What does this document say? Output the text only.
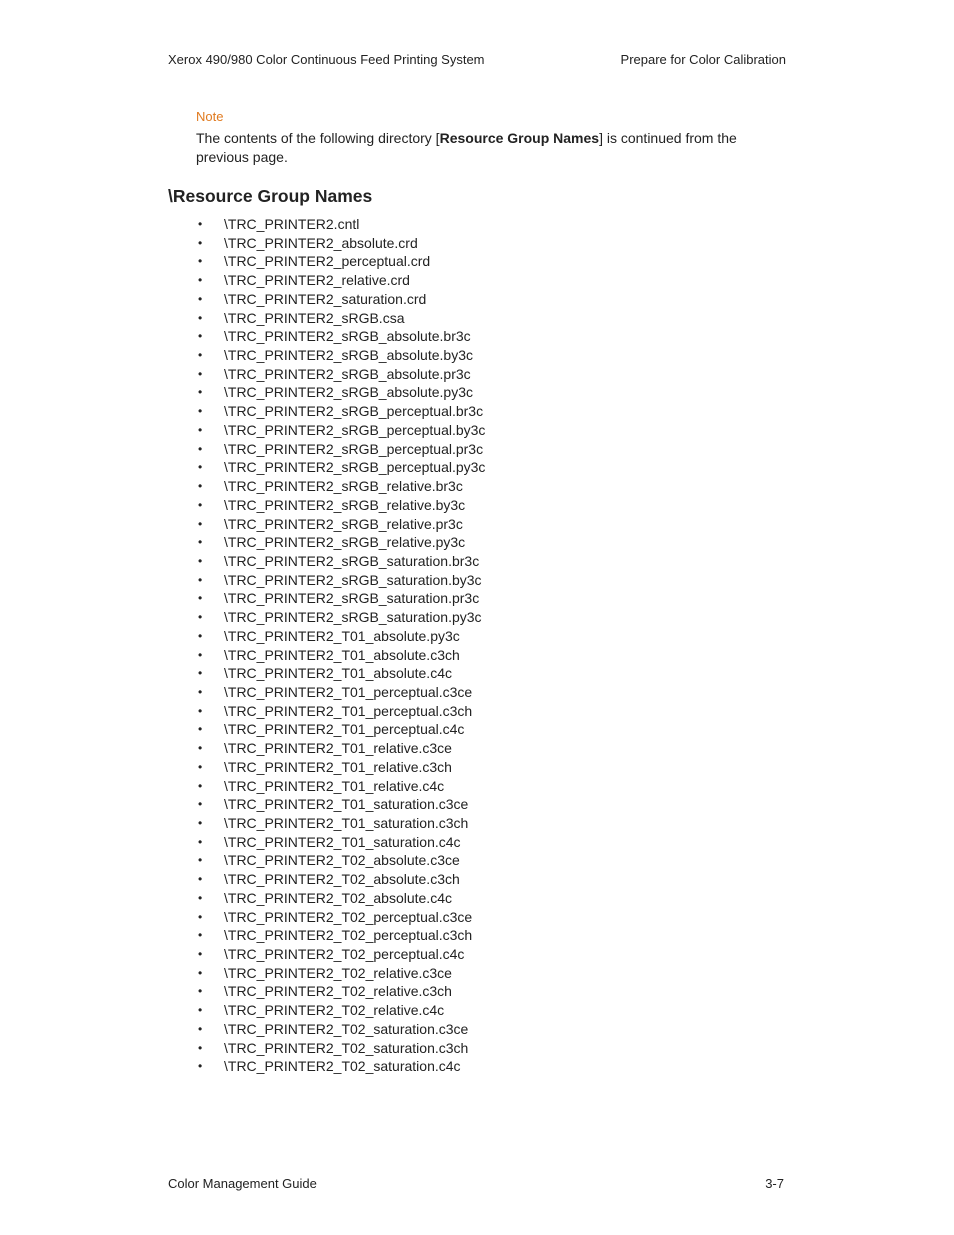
Xerox 490/980 Color Continuous Feed Printing System	Prepare for Color Calibration
Note
The contents of the following directory [Resource Group Names] is continued from the previous page.
\Resource Group Names
• \TRC_PRINTER2.cntl
• \TRC_PRINTER2_absolute.crd
• \TRC_PRINTER2_perceptual.crd
• \TRC_PRINTER2_relative.crd
• \TRC_PRINTER2_saturation.crd
• \TRC_PRINTER2_sRGB.csa
• \TRC_PRINTER2_sRGB_absolute.br3c
• \TRC_PRINTER2_sRGB_absolute.by3c
• \TRC_PRINTER2_sRGB_absolute.pr3c
• \TRC_PRINTER2_sRGB_absolute.py3c
• \TRC_PRINTER2_sRGB_perceptual.br3c
• \TRC_PRINTER2_sRGB_perceptual.by3c
• \TRC_PRINTER2_sRGB_perceptual.pr3c
• \TRC_PRINTER2_sRGB_perceptual.py3c
• \TRC_PRINTER2_sRGB_relative.br3c
• \TRC_PRINTER2_sRGB_relative.by3c
• \TRC_PRINTER2_sRGB_relative.pr3c
• \TRC_PRINTER2_sRGB_relative.py3c
• \TRC_PRINTER2_sRGB_saturation.br3c
• \TRC_PRINTER2_sRGB_saturation.by3c
• \TRC_PRINTER2_sRGB_saturation.pr3c
• \TRC_PRINTER2_sRGB_saturation.py3c
• \TRC_PRINTER2_T01_absolute.py3c
• \TRC_PRINTER2_T01_absolute.c3ch
• \TRC_PRINTER2_T01_absolute.c4c
• \TRC_PRINTER2_T01_perceptual.c3ce
• \TRC_PRINTER2_T01_perceptual.c3ch
• \TRC_PRINTER2_T01_perceptual.c4c
• \TRC_PRINTER2_T01_relative.c3ce
• \TRC_PRINTER2_T01_relative.c3ch
• \TRC_PRINTER2_T01_relative.c4c
• \TRC_PRINTER2_T01_saturation.c3ce
• \TRC_PRINTER2_T01_saturation.c3ch
• \TRC_PRINTER2_T01_saturation.c4c
• \TRC_PRINTER2_T02_absolute.c3ce
• \TRC_PRINTER2_T02_absolute.c3ch
• \TRC_PRINTER2_T02_absolute.c4c
• \TRC_PRINTER2_T02_perceptual.c3ce
• \TRC_PRINTER2_T02_perceptual.c3ch
• \TRC_PRINTER2_T02_perceptual.c4c
• \TRC_PRINTER2_T02_relative.c3ce
• \TRC_PRINTER2_T02_relative.c3ch
• \TRC_PRINTER2_T02_relative.c4c
• \TRC_PRINTER2_T02_saturation.c3ce
• \TRC_PRINTER2_T02_saturation.c3ch
• \TRC_PRINTER2_T02_saturation.c4c
Color Management Guide	3-7
